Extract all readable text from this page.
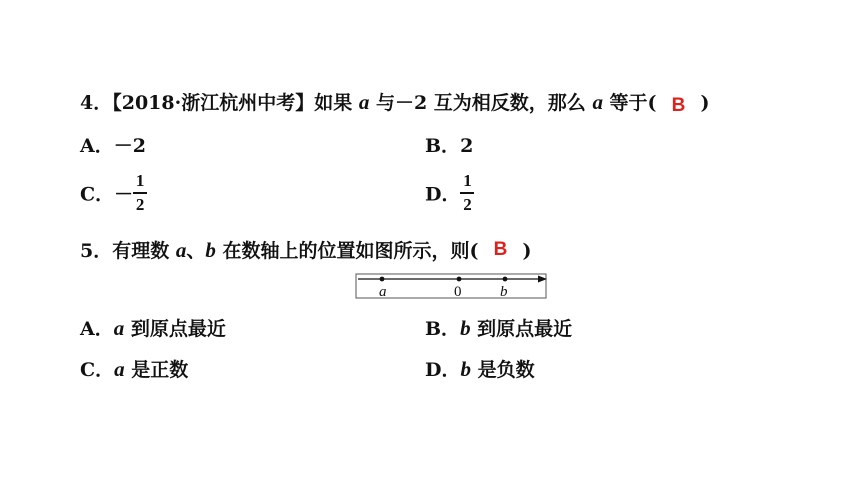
4．【2018·浙江杭州中考】如果 a 与－2 互为相反数，那么 a 等于( B )
A．－2	B．2
C．－ $\frac{1}{2}$	D． $\frac{1}{2}$
5．有理数 a、b 在数轴上的位置如图所示，则( B )
a	0	b
A．a 到原点最近	B．b 到原点最近
C．a 是正数	D．b 是负数
